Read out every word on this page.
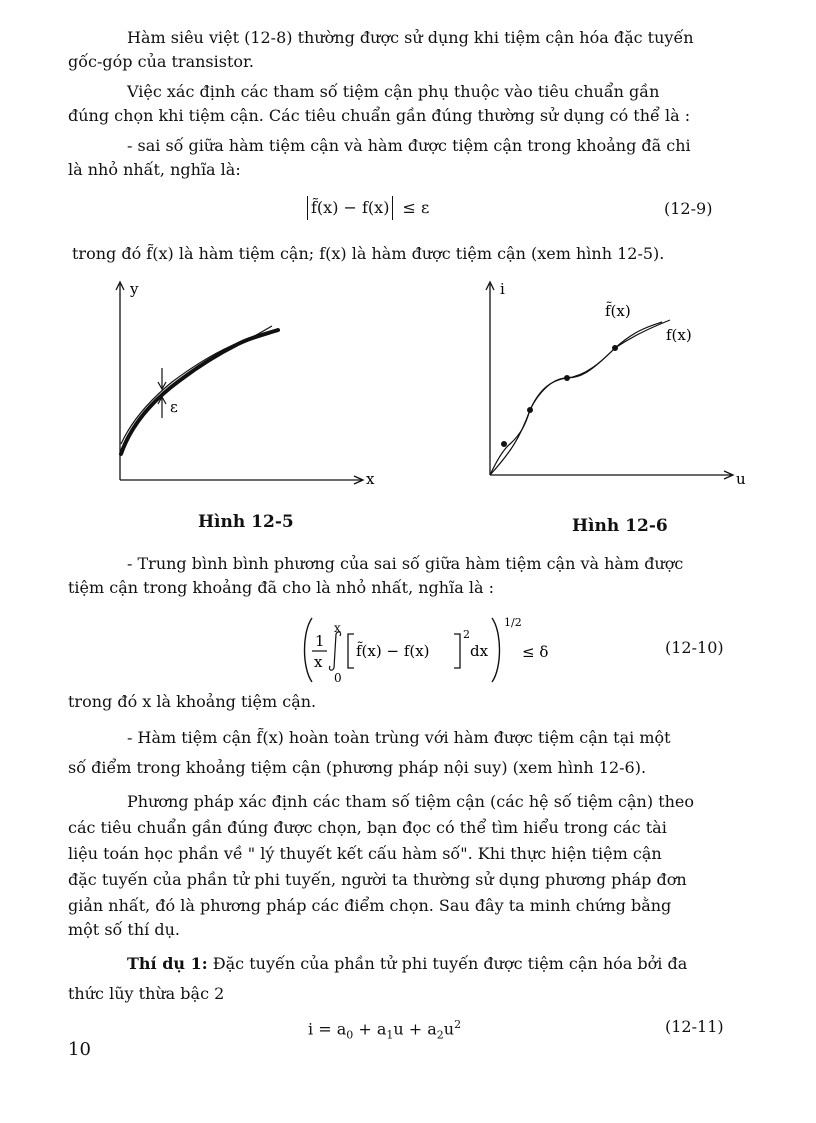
Hàm siêu việt (12-8) thường được sử dụng khi tiệm cận hóa đặc tuyến
gốc-góp của transistor.
Việc xác định các tham số tiệm cận phụ thuộc vào tiêu chuẩn gần
đúng chọn khi tiệm cận. Các tiêu chuẩn gần đúng thường sử dụng có thể là :
- sai số giữa hàm tiệm cận và hàm được tiệm cận trong khoảng đã chi
là nhỏ nhất, nghĩa là:
f̃(x) − f(x) ≤ ε	(12-9)
trong đó f̃(x) là hàm tiệm cận; f(x) là hàm được tiệm cận (xem hình 12-5).
y
x
ε
Hình 12-5
i
u
f̃(x)
f(x)
Hình 12-6
- Trung bình bình phương của sai số giữa hàm tiệm cận và hàm được
tiệm cận trong khoảng đã cho là nhỏ nhất, nghĩa là :
1
x
x
0
f̃(x) − f(x)
2
dx
1/2
≤ δ	(12-10)
trong đó x là khoảng tiệm cận.
- Hàm tiệm cận f̃(x) hoàn toàn trùng với hàm được tiệm cận tại một
số điểm trong khoảng tiệm cận (phương pháp nội suy) (xem hình 12-6).
Phương pháp xác định các tham số tiệm cận (các hệ số tiệm cận) theo
các tiêu chuẩn gần đúng được chọn, bạn đọc có thể tìm hiểu trong các tài
liệu toán học phần về " lý thuyết kết cấu hàm số". Khi thực hiện tiệm cận
đặc tuyến của phần tử phi tuyến, người ta thường sử dụng phương pháp đơn
giản nhất, đó là phương pháp các điểm chọn. Sau đây ta minh chứng bằng
một số thí dụ.
Thí dụ 1: Đặc tuyến của phần tử phi tuyến được tiệm cận hóa bởi đa
thức lũy thừa bậc 2
$i = a_0 + a_1u + a_2u^2$	(12-11)
10
